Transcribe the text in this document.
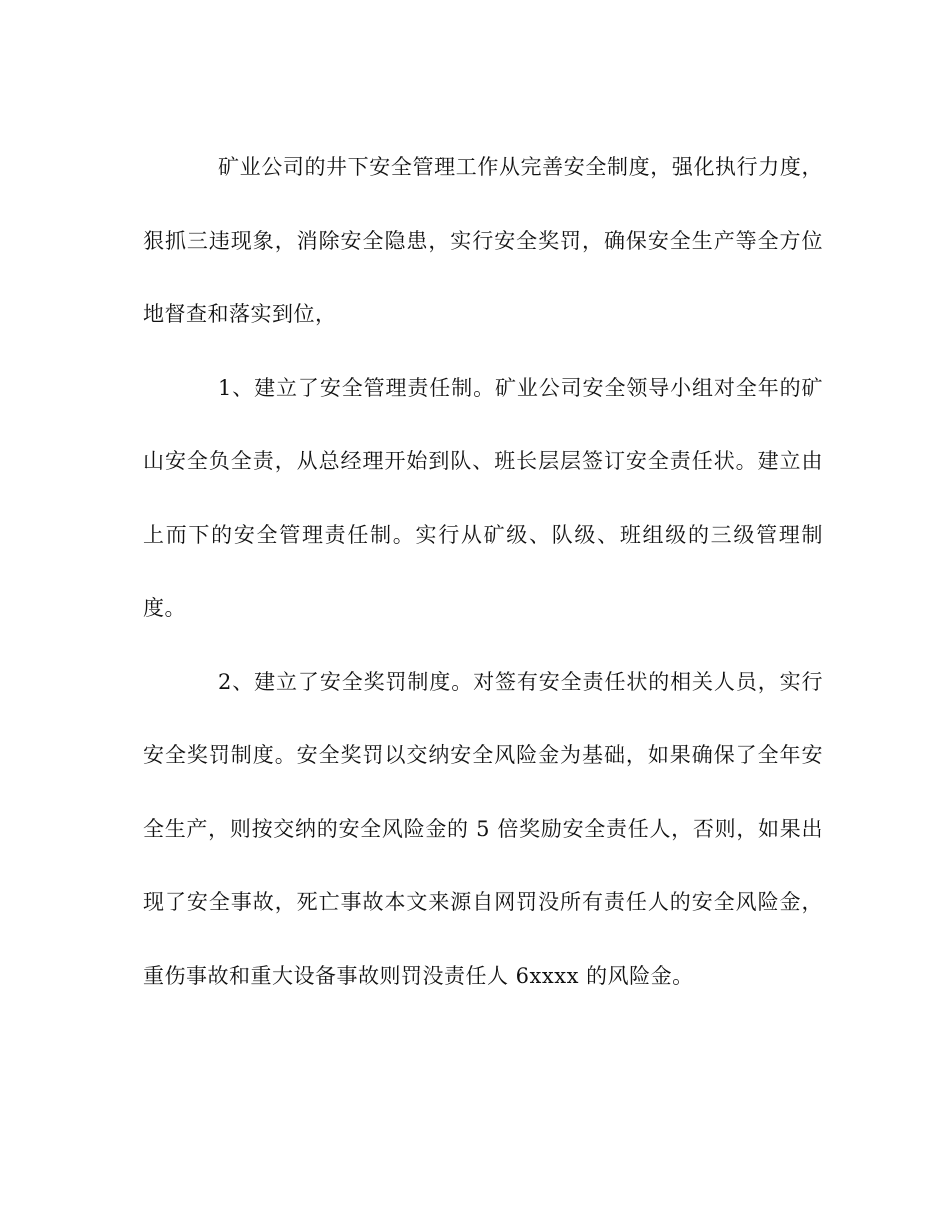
矿业公司的井下安全管理工作从完善安全制度，强化执行力度，狠抓三违现象，消除安全隐患，实行安全奖罚，确保安全生产等全方位地督查和落实到位，

1、建立了安全管理责任制。矿业公司安全领导小组对全年的矿山安全负全责，从总经理开始到队、班长层层签订安全责任状。建立由上而下的安全管理责任制。实行从矿级、队级、班组级的三级管理制度。

2、建立了安全奖罚制度。对签有安全责任状的相关人员，实行安全奖罚制度。安全奖罚以交纳安全风险金为基础，如果确保了全年安全生产，则按交纳的安全风险金的 5 倍奖励安全责任人，否则，如果出现了安全事故，死亡事故本文来源自网罚没所有责任人的安全风险金，重伤事故和重大设备事故则罚没责任人 6xxxx 的风险金。
